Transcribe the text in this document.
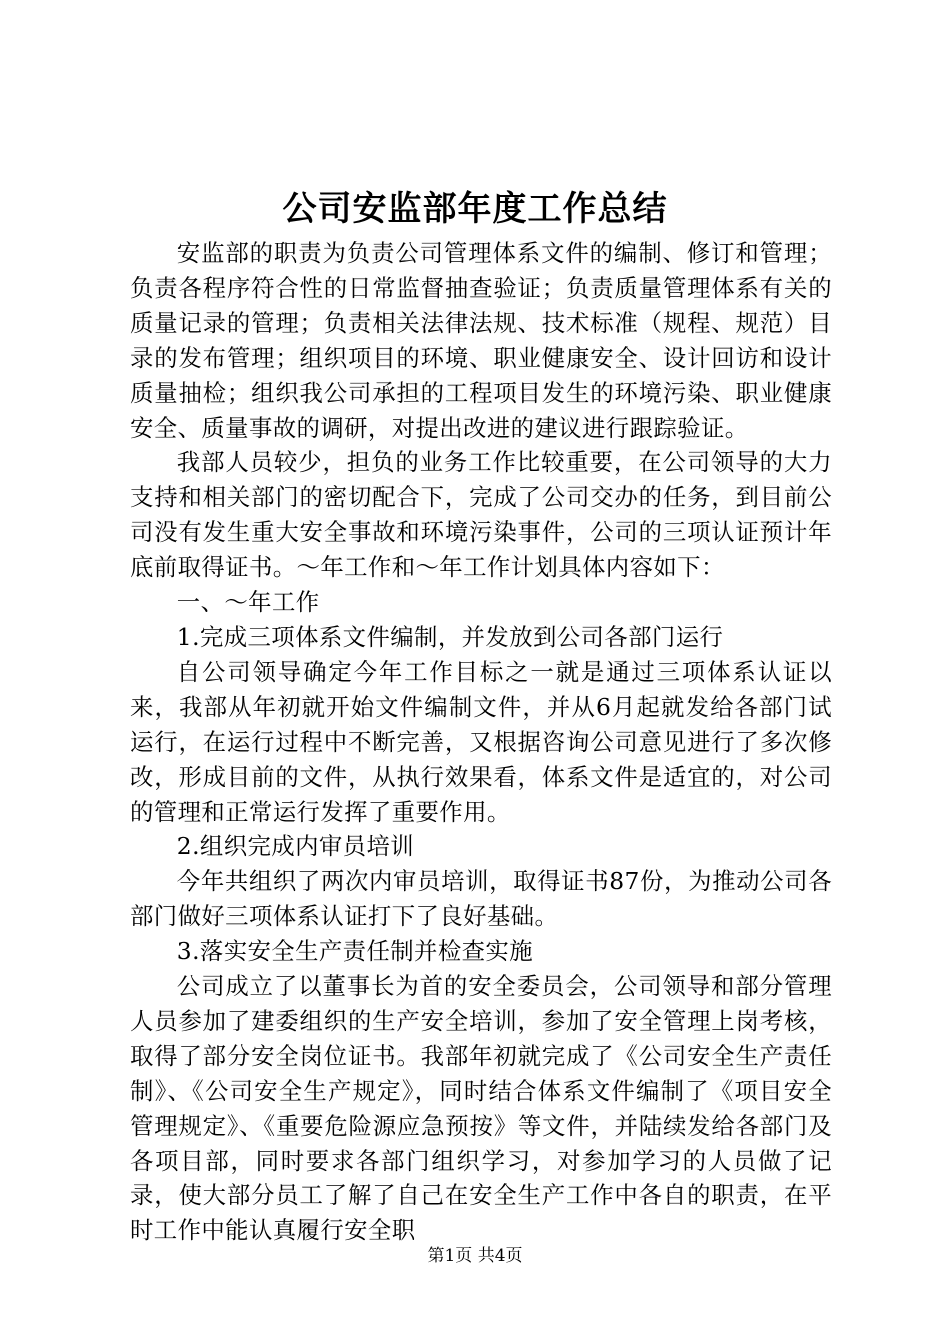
公司安监部年度工作总结

安监部的职责为负责公司管理体系文件的编制、修订和管理；负责各程序符合性的日常监督抽查验证；负责质量管理体系有关的质量记录的管理；负责相关法律法规、技术标准（规程、规范）目录的发布管理；组织项目的环境、职业健康安全、设计回访和设计质量抽检；组织我公司承担的工程项目发生的环境污染、职业健康安全、质量事故的调研，对提出改进的建议进行跟踪验证。

我部人员较少，担负的业务工作比较重要，在公司领导的大力支持和相关部门的密切配合下，完成了公司交办的任务，到目前公司没有发生重大安全事故和环境污染事件，公司的三项认证预计年底前取得证书。～年工作和～年工作计划具体内容如下：

一、～年工作

1.完成三项体系文件编制，并发放到公司各部门运行

自公司领导确定今年工作目标之一就是通过三项体系认证以来，我部从年初就开始文件编制文件，并从6月起就发给各部门试运行，在运行过程中不断完善，又根据咨询公司意见进行了多次修改，形成目前的文件，从执行效果看，体系文件是适宜的，对公司的管理和正常运行发挥了重要作用。

2.组织完成内审员培训

今年共组织了两次内审员培训，取得证书87份，为推动公司各部门做好三项体系认证打下了良好基础。

3.落实安全生产责任制并检查实施

公司成立了以董事长为首的安全委员会，公司领导和部分管理人员参加了建委组织的生产安全培训，参加了安全管理上岗考核，取得了部分安全岗位证书。我部年初就完成了《公司安全生产责任制》、《公司安全生产规定》，同时结合体系文件编制了《项目安全管理规定》、《重要危险源应急预按》等文件，并陆续发给各部门及各项目部，同时要求各部门组织学习，对参加学习的人员做了记录，使大部分员工了解了自己在安全生产工作中各自的职责，在平时工作中能认真履行安全职

第1页 共4页
